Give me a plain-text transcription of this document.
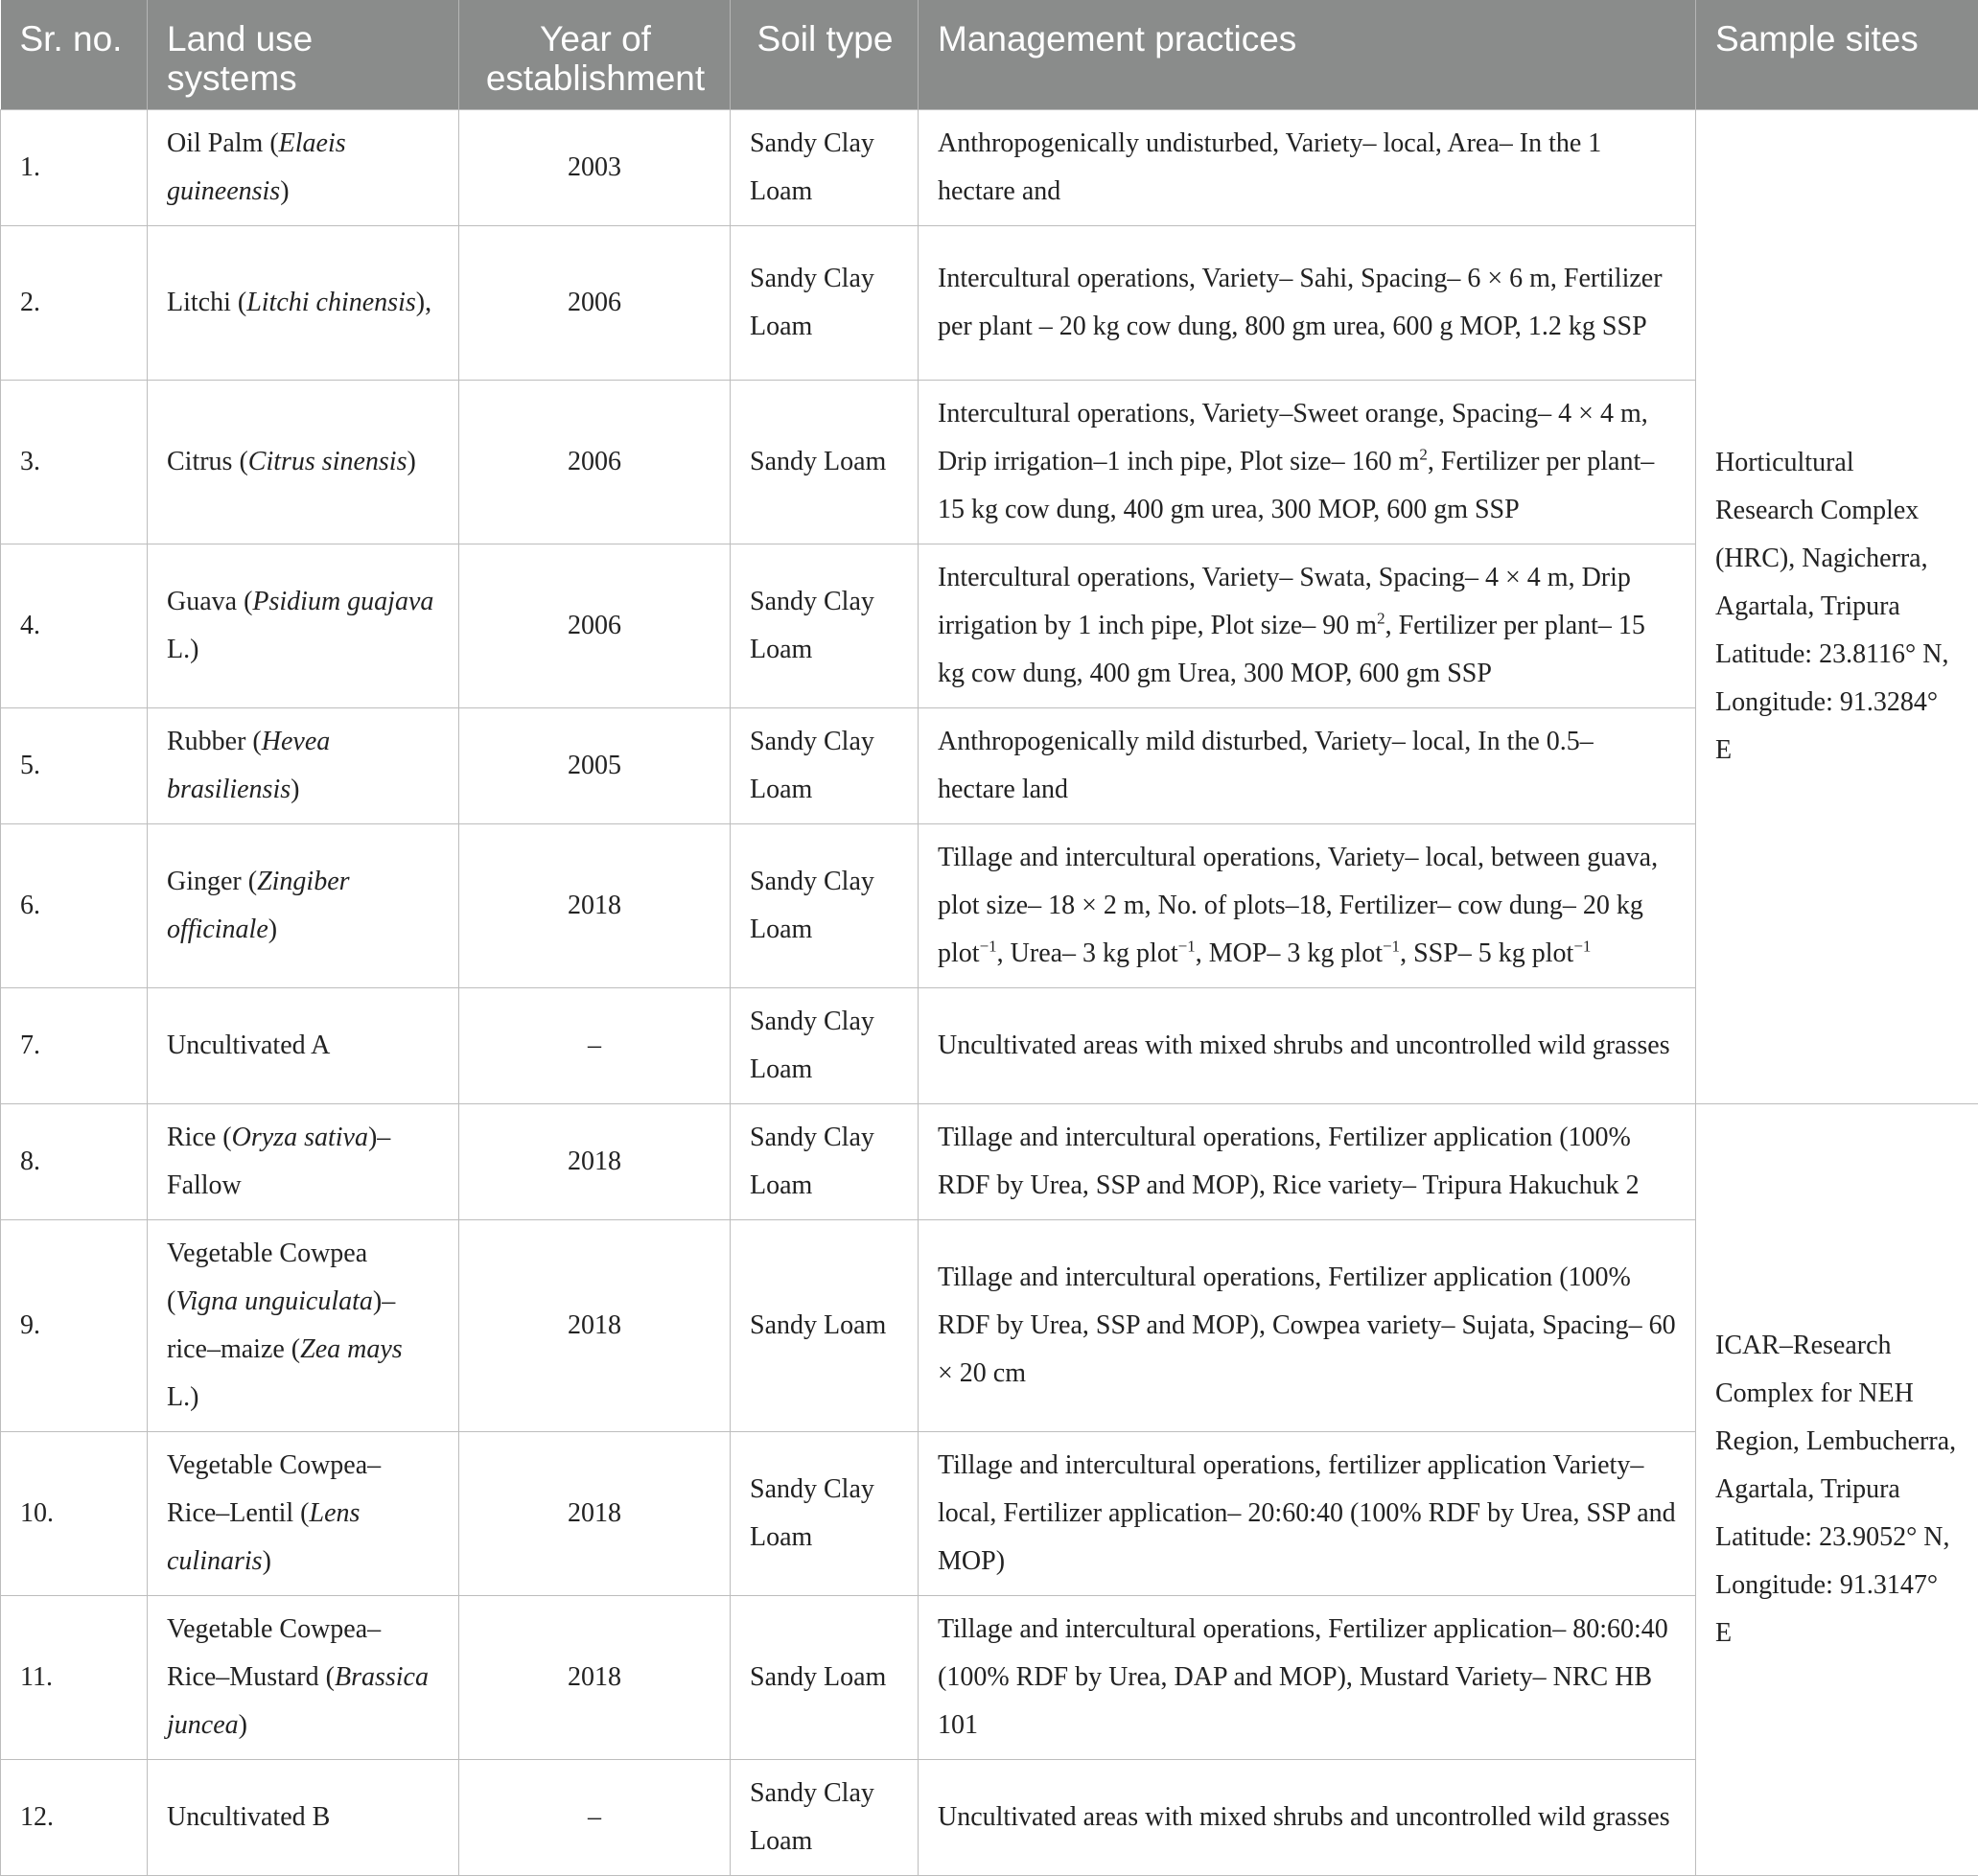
Sr. no.	Land use systems	Year of establishment	Soil type	Management practices	Sample sites
1.	Oil Palm (Elaeis guineensis)	2003	Sandy Clay Loam	Anthropogenically undisturbed, Variety– local, Area– In the 1 hectare and	Horticultural Research Complex (HRC), Nagicherra, Agartala, Tripura
Latitude: 23.8116° N,
Longitude: 91.3284° E

2.	Litchi (Litchi chinensis),	2006	Sandy Clay Loam	Intercultural operations, Variety– Sahi, Spacing– 6 × 6 m, Fertilizer per plant – 20 kg cow dung, 800 gm urea, 600 g MOP, 1.2 kg SSP	
3.	Citrus (Citrus sinensis)	2006	Sandy Loam	Intercultural operations, Variety–Sweet orange, Spacing– 4 × 4 m, Drip irrigation–1 inch pipe, Plot size– 160 $m^2$, Fertilizer per plant– 15 kg cow dung, 400 gm urea, 300 MOP, 600 gm SSP	
4.	Guava (Psidium guajava L.)	2006	Sandy Clay Loam	Intercultural operations, Variety– Swata, Spacing– 4 × 4 m, Drip irrigation by 1 inch pipe, Plot size– 90 $m^2$, Fertilizer per plant– 15 kg cow dung, 400 gm Urea, 300 MOP, 600 gm SSP	
5.	Rubber (Hevea brasiliensis)	2005	Sandy Clay Loam	Anthropogenically mild disturbed, Variety– local, In the 0.5– hectare land	
6.	Ginger (Zingiber officinale)	2018	Sandy Clay Loam	Tillage and intercultural operations, Variety– local, between guava, plot size– 18 × 2 m, No. of plots–18, Fertilizer– cow dung– 20 kg plot$^{-1}$, Urea– 3 kg plot$^{-1}$, MOP– 3 kg plot$^{-1}$, SSP– 5 kg plot$^{-1}$
7.	Uncultivated A	–	Sandy Clay Loam	Uncultivated areas with mixed shrubs and uncontrolled wild grasses	
8.	Rice (Oryza sativa)– Fallow	2018	Sandy Clay Loam	Tillage and intercultural operations, Fertilizer application (100% RDF by Urea, SSP and MOP), Rice variety– Tripura Hakuchuk 2	ICAR–Research Complex for NEH Region, Lembucherra, Agartala, Tripura
Latitude: 23.9052° N,
Longitude: 91.3147° E

9.	Vegetable Cowpea (Vigna unguiculata)– rice–maize (Zea mays L.)	2018	Sandy Loam	Tillage and intercultural operations, Fertilizer application (100% RDF by Urea, SSP and MOP), Cowpea variety– Sujata, Spacing– 60 × 20 cm	
10.	Vegetable Cowpea– Rice–Lentil (Lens culinaris)	2018	Sandy Clay Loam	Tillage and intercultural operations, fertilizer application Variety– local, Fertilizer application– 20:60:40 (100% RDF by Urea, SSP and MOP)	
11.	Vegetable Cowpea– Rice–Mustard (Brassica juncea)	2018	Sandy Loam	Tillage and intercultural operations, Fertilizer application– 80:60:40 (100% RDF by Urea, DAP and MOP), Mustard Variety– NRC HB 101	
12.	Uncultivated B	–	Sandy Clay Loam	Uncultivated areas with mixed shrubs and uncontrolled wild grasses	
